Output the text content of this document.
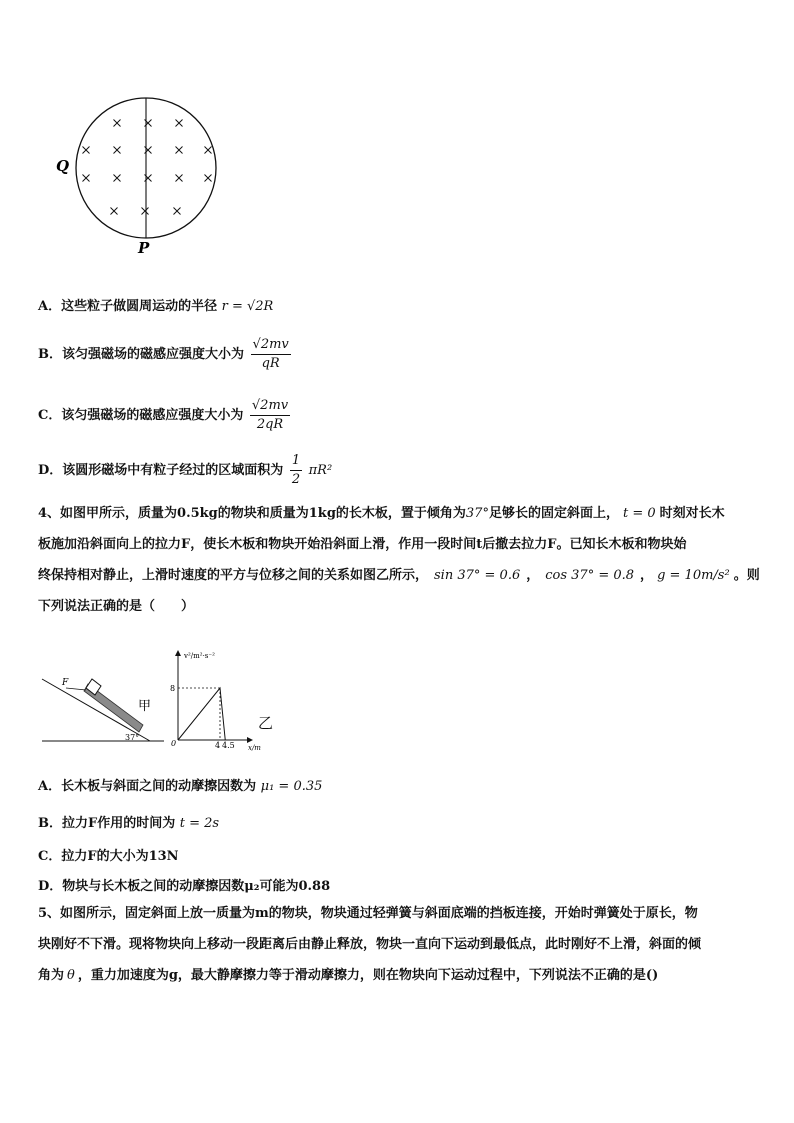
Q
P
A．这些粒子做圆周运动的半径 r = √2R
B．该匀强磁场的磁感应强度大小为 $\frac{√2mv}{qR}$
C．该匀强磁场的磁感应强度大小为 $\frac{√2mv}{2qR}$
D．该圆形磁场中有粒子经过的区域面积为 $\frac{1}{2} \pi R^2$
4、如图甲所示，质量为0.5kg的物块和质量为1kg的长木板，置于倾角为37°足够长的固定斜面上， t = 0 时刻对长木
板施加沿斜面向上的拉力F，使长木板和物块开始沿斜面上滑，作用一段时间t后撤去拉力F。已知长木板和物块始
终保持相对静止，上滑时速度的平方与位移之间的关系如图乙所示， sin 37° = 0.6 ， cos 37° = 0.8 ， g = 10m/s² 。则
下列说法正确的是（　　）
F
37°
甲
v²/m²·s⁻²
8
0	4 4.5 x/m
乙
A．长木板与斜面之间的动摩擦因数为 μ₁ = 0.35
B．拉力F作用的时间为 t = 2s
C．拉力F的大小为13N
D．物块与长木板之间的动摩擦因数μ₂可能为0.88
5、如图所示，固定斜面上放一质量为m的物块，物块通过轻弹簧与斜面底端的挡板连接，开始时弹簧处于原长，物
块刚好不下滑。现将物块向上移动一段距离后由静止释放，物块一直向下运动到最低点，此时刚好不上滑，斜面的倾
角为 θ ，重力加速度为g，最大静摩擦力等于滑动摩擦力，则在物块向下运动过程中，下列说法不正确的是()
